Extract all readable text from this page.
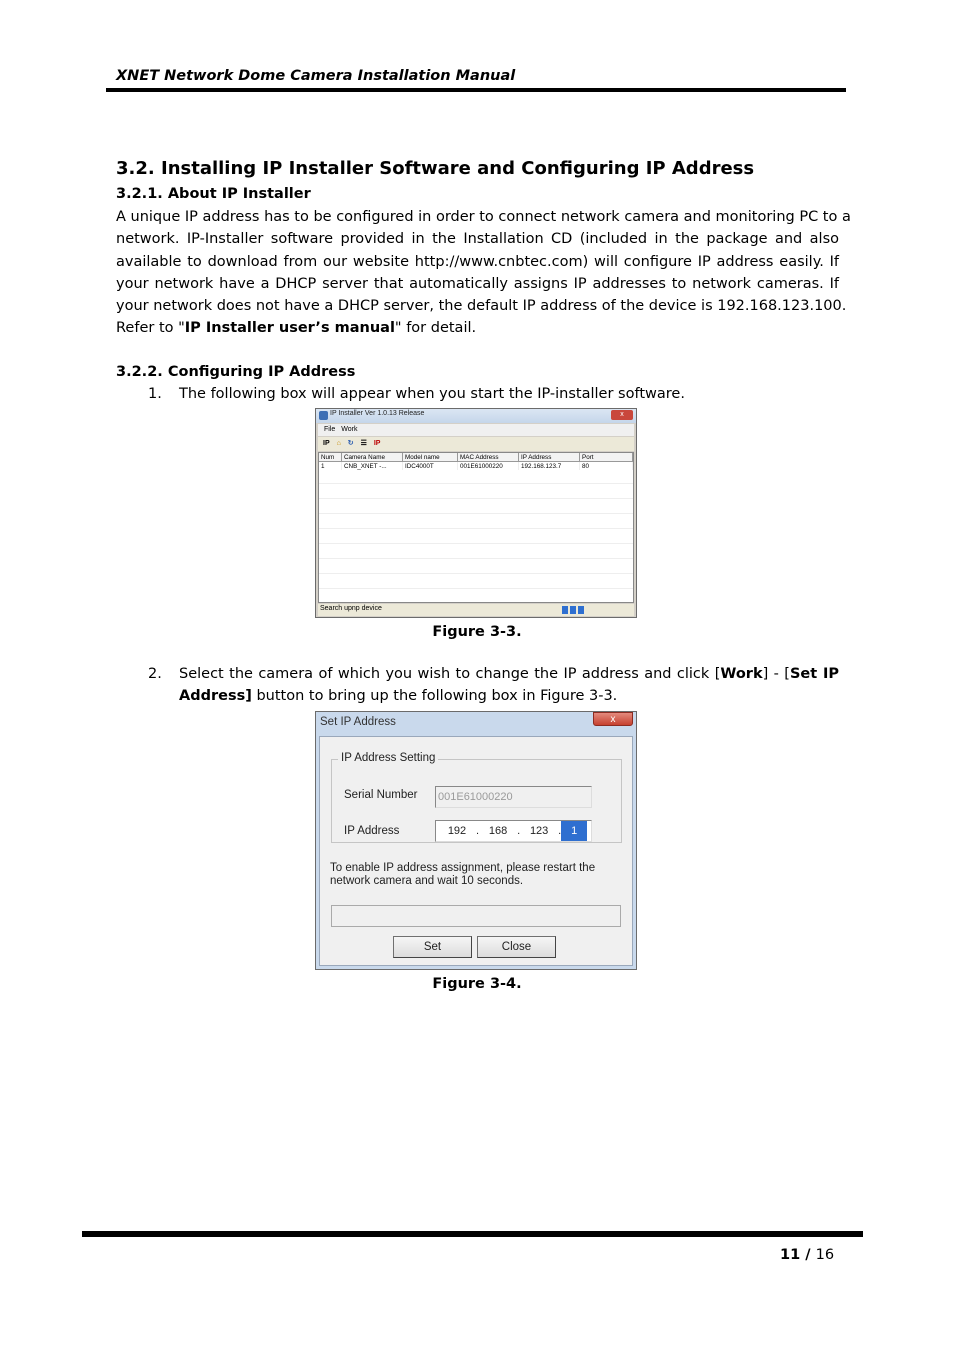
XNET Network Dome Camera Installation Manual
3.2. Installing IP Installer Software and Configuring IP Address
3.2.1. About IP Installer
A unique IP address has to be configured in order to connect network camera and monitoring PC to a
network. IP-Installer software provided in the Installation CD (included in the package and also
available to download from our website http://www.cnbtec.com) will configure IP address easily. If
your network have a DHCP server that automatically assigns IP addresses to network cameras. If
your network does not have a DHCP server, the default IP address of the device is 192.168.123.100.
Refer to "IP Installer user’s manual" for detail.
3.2.2. Configuring IP Address
1. The following box will appear when you start the IP-installer software.
IP Installer Ver 1.0.13 Release	x
File Work
IP ⌂ ↻ ☰ IP
Num	Camera Name	Model name	MAC Address	IP Address	Port
1	CNB_XNET -...	IDC4000T	001E61000220	192.168.123.7	80
Search upnp device
Figure 3-3.
2. Select the camera of which you wish to change the IP address and click [Work] - [Set IP
Address] button to bring up the following box in Figure 3-3.
Set IP Address	x
IP Address Setting
Serial Number 001E61000220
IP Address	192 . 168 . 123 . 1
To enable IP address assignment, please restart the network camera and wait 10 seconds.
Set	Close
Figure 3-4.
11 / 16
